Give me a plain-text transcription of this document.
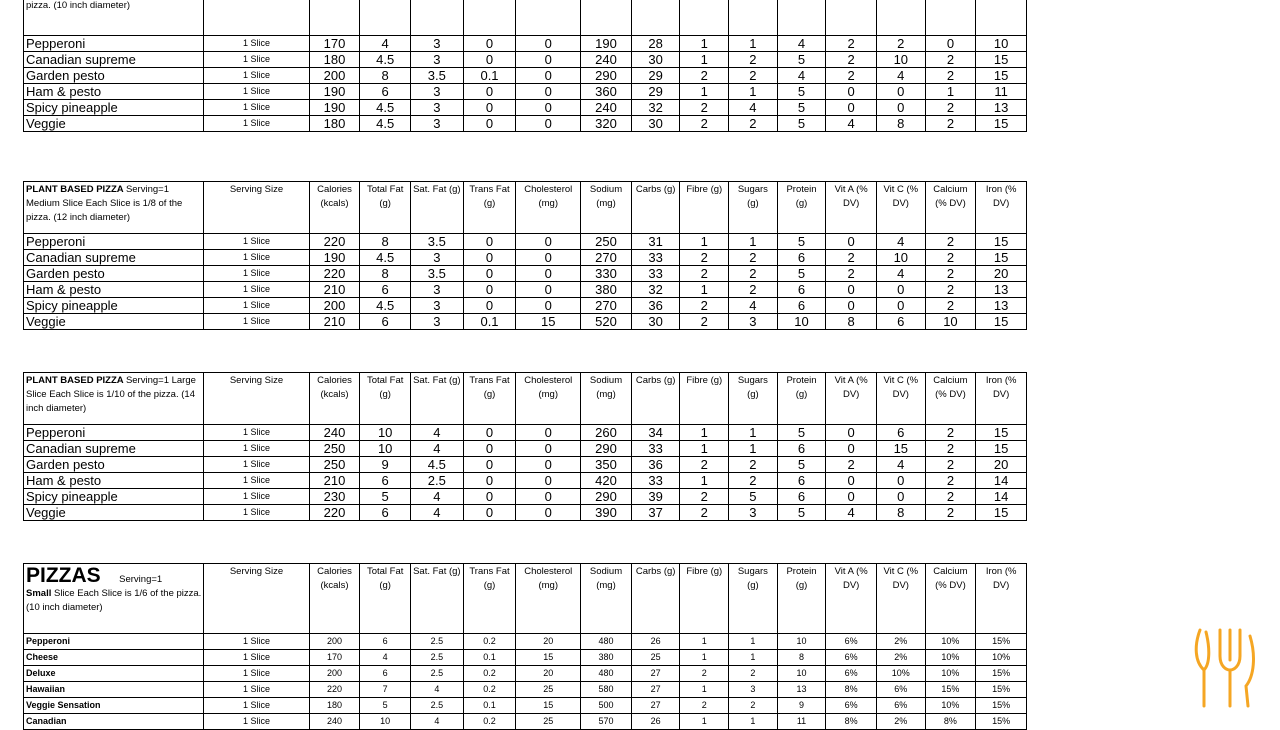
pizza. (10 inch diameter)															
Pepperoni	1 Slice	170	4	3	0	0	190	28	1	1	4	2	2	0	10
Canadian supreme	1 Slice	180	4.5	3	0	0	240	30	1	2	5	2	10	2	15
Garden pesto	1 Slice	200	8	3.5	0.1	0	290	29	2	2	4	2	4	2	15
Ham & pesto	1 Slice	190	6	3	0	0	360	29	1	1	5	0	0	1	11
Spicy pineapple	1 Slice	190	4.5	3	0	0	240	32	2	4	5	0	0	2	13
Veggie	1 Slice	180	4.5	3	0	0	320	30	2	2	5	4	8	2	15
PLANT BASED PIZZA Serving=1 Medium Slice Each Slice is 1/8 of the pizza. (12 inch diameter)	Serving Size	Calories (kcals)	Total Fat (g)	Sat. Fat (g)	Trans Fat (g)	Cholesterol (mg)	Sodium (mg)	Carbs (g)	Fibre (g)	Sugars (g)	Protein (g)	Vit A (% DV)	Vit C (% DV)	Calcium (% DV)	Iron (% DV)
Pepperoni	1 Slice	220	8	3.5	0	0	250	31	1	1	5	0	4	2	15
Canadian supreme	1 Slice	190	4.5	3	0	0	270	33	2	2	6	2	10	2	15
Garden pesto	1 Slice	220	8	3.5	0	0	330	33	2	2	5	2	4	2	20
Ham & pesto	1 Slice	210	6	3	0	0	380	32	1	2	6	0	0	2	13
Spicy pineapple	1 Slice	200	4.5	3	0	0	270	36	2	4	6	0	0	2	13
Veggie	1 Slice	210	6	3	0.1	15	520	30	2	3	10	8	6	10	15
PLANT BASED PIZZA Serving=1 Large Slice Each Slice is 1/10 of the pizza. (14 inch diameter)	Serving Size	Calories (kcals)	Total Fat (g)	Sat. Fat (g)	Trans Fat (g)	Cholesterol (mg)	Sodium (mg)	Carbs (g)	Fibre (g)	Sugars (g)	Protein (g)	Vit A (% DV)	Vit C (% DV)	Calcium (% DV)	Iron (% DV)
Pepperoni	1 Slice	240	10	4	0	0	260	34	1	1	5	0	6	2	15
Canadian supreme	1 Slice	250	10	4	0	0	290	33	1	1	6	0	15	2	15
Garden pesto	1 Slice	250	9	4.5	0	0	350	36	2	2	5	2	4	2	20
Ham & pesto	1 Slice	210	6	2.5	0	0	420	33	1	2	6	0	0	2	14
Spicy pineapple	1 Slice	230	5	4	0	0	290	39	2	5	6	0	0	2	14
Veggie	1 Slice	220	6	4	0	0	390	37	2	3	5	4	8	2	15
PIZZAS       Serving=1
Small Slice Each Slice is 1/6 of the pizza. (10 inch diameter)	Serving Size	Calories (kcals)	Total Fat (g)	Sat. Fat (g)	Trans Fat (g)	Cholesterol (mg)	Sodium (mg)	Carbs (g)	Fibre (g)	Sugars (g)	Protein (g)	Vit A (% DV)	Vit C (% DV)	Calcium (% DV)	Iron (% DV)
Pepperoni	1 Slice	200	6	2.5	0.2	20	480	26	1	1	10	6%	2%	10%	15%
Cheese	1 Slice	170	4	2.5	0.1	15	380	25	1	1	8	6%	2%	10%	10%
Deluxe	1 Slice	200	6	2.5	0.2	20	480	27	2	2	10	6%	10%	10%	15%
Hawaiian	1 Slice	220	7	4	0.2	25	580	27	1	3	13	8%	6%	15%	15%
Veggie Sensation	1 Slice	180	5	2.5	0.1	15	500	27	2	2	9	6%	6%	10%	15%
Canadian	1 Slice	240	10	4	0.2	25	570	26	1	1	11	8%	2%	8%	15%
